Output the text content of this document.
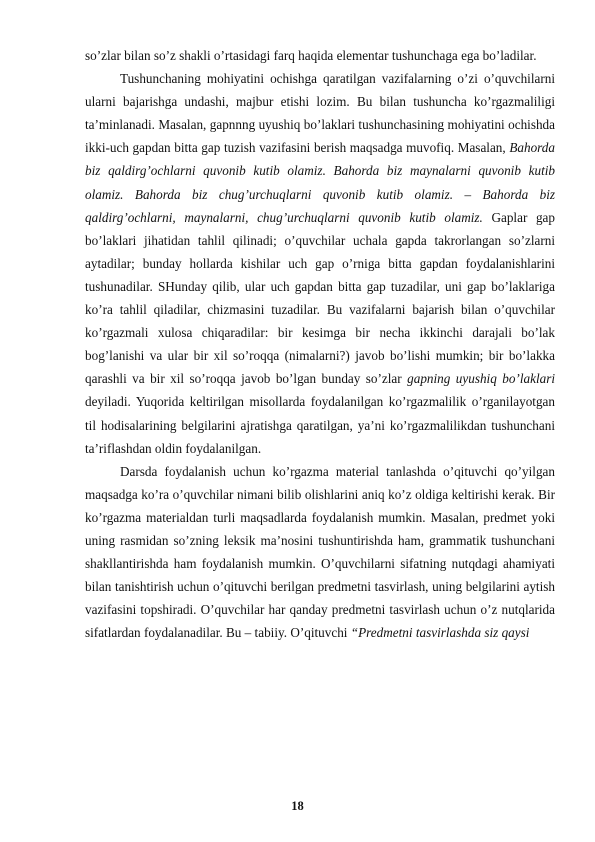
so’zlar bilan so’z shakli o’rtasidagi farq haqida elementar tushunchaga ega bo’ladilar.

Tushunchaning mohiyatini ochishga qaratilgan vazifalarning o’zi o’quvchilarni ularni bajarishga undashi, majbur etishi lozim. Bu bilan tushuncha ko’rgazmaliligi ta’minlanadi. Masalan, gapnnng uyushiq bo’laklari tushunchasining mohiyatini ochishda ikki-uch gapdan bitta gap tuzish vazifasini berish maqsadga muvofiq. Masalan, Bahorda biz qaldirg’ochlarni quvonib kutib olamiz. Bahorda biz maynalarni quvonib kutib olamiz. Bahorda biz chug’urchuqlarni quvonib kutib olamiz. – Bahorda biz qaldirg’ochlarni, maynalarni, chug’urchuqlarni quvonib kutib olamiz. Gaplar gap bo’laklari jihatidan tahlil qilinadi; o’quvchilar uchala gapda takrorlangan so’zlarni aytadilar; bunday hollarda kishilar uch gap o’rniga bitta gapdan foydalanishlarini tushunadilar. SHunday qilib, ular uch gapdan bitta gap tuzadilar, uni gap bo’laklariga ko’ra tahlil qiladilar, chizmasini tuzadilar. Bu vazifalarni bajarish bilan o’quvchilar ko’rgazmali xulosa chiqaradilar: bir kesimga bir necha ikkinchi darajali bo’lak bog’lanishi va ular bir xil so’roqqa (nimalarni?) javob bo’lishi mumkin; bir bo’lakka qarashli va bir xil so’roqqa javob bo’lgan bunday so’zlar gapning uyushiq bo’laklari deyiladi. Yuqorida keltirilgan misollarda foydalanilgan ko’rgazmalilik o’rganilayotgan til hodisalarining belgilarini ajratishga qaratilgan, ya’ni ko’rgazmalilikdan tushunchani ta’riflashdan oldin foydalanilgan.

Darsda foydalanish uchun ko’rgazma material tanlashda o’qituvchi qo’yilgan maqsadga ko’ra o’quvchilar nimani bilib olishlarini aniq ko’z oldiga keltirishi kerak. Bir ko’rgazma materialdan turli maqsadlarda foydalanish mumkin. Masalan, predmet yoki uning rasmidan so’zning leksik ma’nosini tushuntirishda ham, grammatik tushunchani shakllantirishda ham foydalanish mumkin. O’quvchilarni sifatning nutqdagi ahamiyati bilan tanishtirish uchun o’qituvchi berilgan predmetni tasvirlash, uning belgilarini aytish vazifasini topshiradi. O’quvchilar har qanday predmetni tasvirlash uchun o’z nutqlarida sifatlardan foydalanadilar. Bu – tabiiy. O’qituvchi “Predmetni tasvirlashda siz qaysi

18
